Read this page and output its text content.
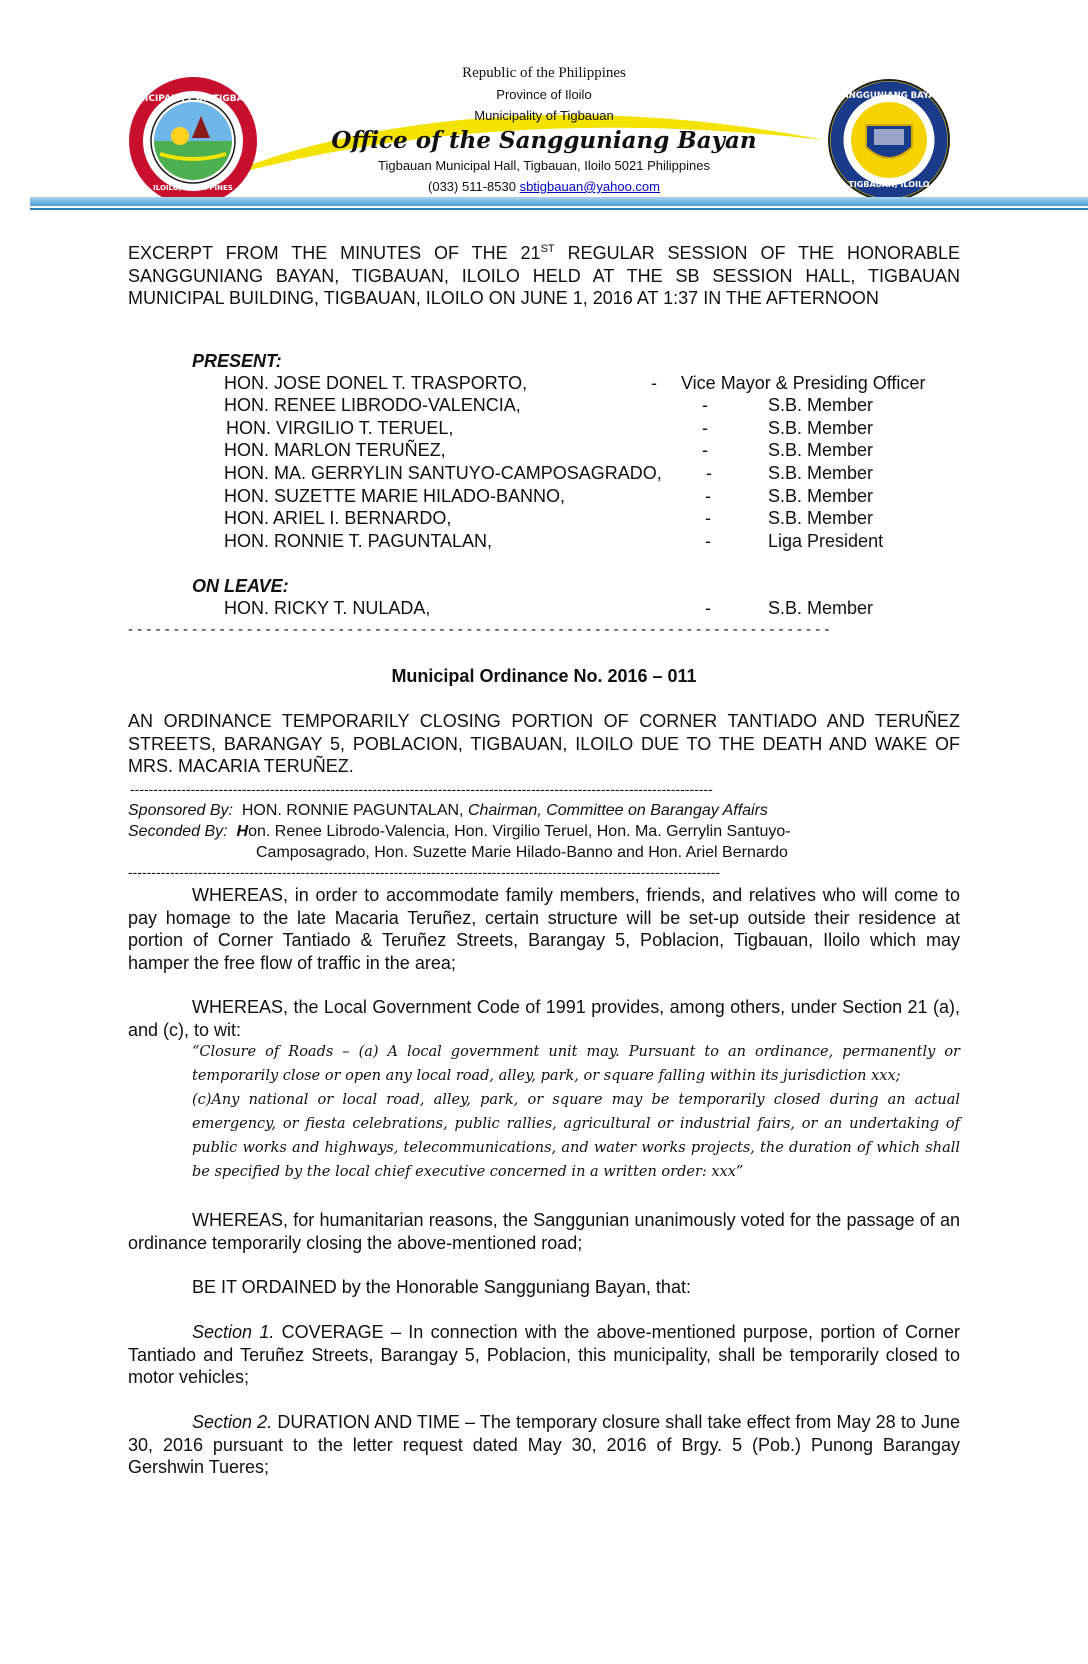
MUNICIPALITY OF TIGBAUAN
ILOILO, PHILIPPINES
SANGGUNIANG BAYAN
TIGBAUAN, ILOILO
Republic of the Philippines
Province of Iloilo
Municipality of Tigbauan
Office of the Sangguniang Bayan
Tigbauan Municipal Hall, Tigbauan, Iloilo 5021 Philippines
(033) 511-8530 sbtigbauan@yahoo.com
EXCERPT FROM THE MINUTES OF THE 21ST REGULAR SESSION OF THE HONORABLE SANGGUNIANG BAYAN, TIGBAUAN, ILOILO HELD AT THE SB SESSION HALL, TIGBAUAN MUNICIPAL BUILDING, TIGBAUAN, ILOILO ON JUNE 1, 2016 AT 1:37 IN THE AFTERNOON
PRESENT:
HON. JOSE DONEL T. TRASPORTO,	- Vice Mayor & Presiding Officer
HON. RENEE LIBRODO-VALENCIA,	-	S.B. Member
HON. VIRGILIO T. TERUEL,	-	S.B. Member
HON. MARLON TERUÑEZ,	-	S.B. Member
HON. MA. GERRYLIN SANTUYO-CAMPOSAGRADO, -	S.B. Member
HON. SUZETTE MARIE HILADO-BANNO,	-	S.B. Member
HON. ARIEL I. BERNARDO,	-	S.B. Member
HON. RONNIE T. PAGUNTALAN,	-	Liga President
ON LEAVE:
HON. RICKY T. NULADA,	-	S.B. Member
- - - - - - - - - - - - - - - - - - - - - - - - - - - - - - - - - - - - - - - - - - - - - - - - - - - - - - - - - - - - - - - - - - - - - - - - - - - - -
Municipal Ordinance No. 2016 – 011
AN ORDINANCE TEMPORARILY CLOSING PORTION OF CORNER TANTIADO AND TERUÑEZ STREETS, BARANGAY 5, POBLACION, TIGBAUAN, ILOILO DUE TO THE DEATH AND WAKE OF MRS. MACARIA TERUÑEZ.
-----------------------------------------------------------------------------------------------------------------------------
Sponsored By: HON. RONNIE PAGUNTALAN, Chairman, Committee on Barangay Affairs
Seconded By: Hon. Renee Librodo-Valencia, Hon. Virgilio Teruel, Hon. Ma. Gerrylin Santuyo-
Camposagrado, Hon. Suzette Marie Hilado-Banno and Hon. Ariel Bernardo
-------------------------------------------------------------------------------------------------------------------------------
WHEREAS, in order to accommodate family members, friends, and relatives who will come to pay homage to the late Macaria Teruñez, certain structure will be set-up outside their residence at portion of Corner Tantiado & Teruñez Streets, Barangay 5, Poblacion, Tigbauan, Iloilo which may hamper the free flow of traffic in the area;
WHEREAS, the Local Government Code of 1991 provides, among others, under Section 21 (a), and (c), to wit:
“Closure of Roads – (a) A local government unit may. Pursuant to an ordinance, permanently or temporarily close or open any local road, alley, park, or square falling within its jurisdiction xxx;
(c)Any national or local road, alley, park, or square may be temporarily closed during an actual emergency, or fiesta celebrations, public rallies, agricultural or industrial fairs, or an undertaking of public works and highways, telecommunications, and water works projects, the duration of which shall be specified by the local chief executive concerned in a written order: xxx”
WHEREAS, for humanitarian reasons, the Sanggunian unanimously voted for the passage of an ordinance temporarily closing the above-mentioned road;
BE IT ORDAINED by the Honorable Sangguniang Bayan, that:
Section 1. COVERAGE – In connection with the above-mentioned purpose, portion of Corner Tantiado and Teruñez Streets, Barangay 5, Poblacion, this municipality, shall be temporarily closed to motor vehicles;
Section 2. DURATION AND TIME – The temporary closure shall take effect from May 28 to June 30, 2016 pursuant to the letter request dated May 30, 2016 of Brgy. 5 (Pob.) Punong Barangay Gershwin Tueres;
